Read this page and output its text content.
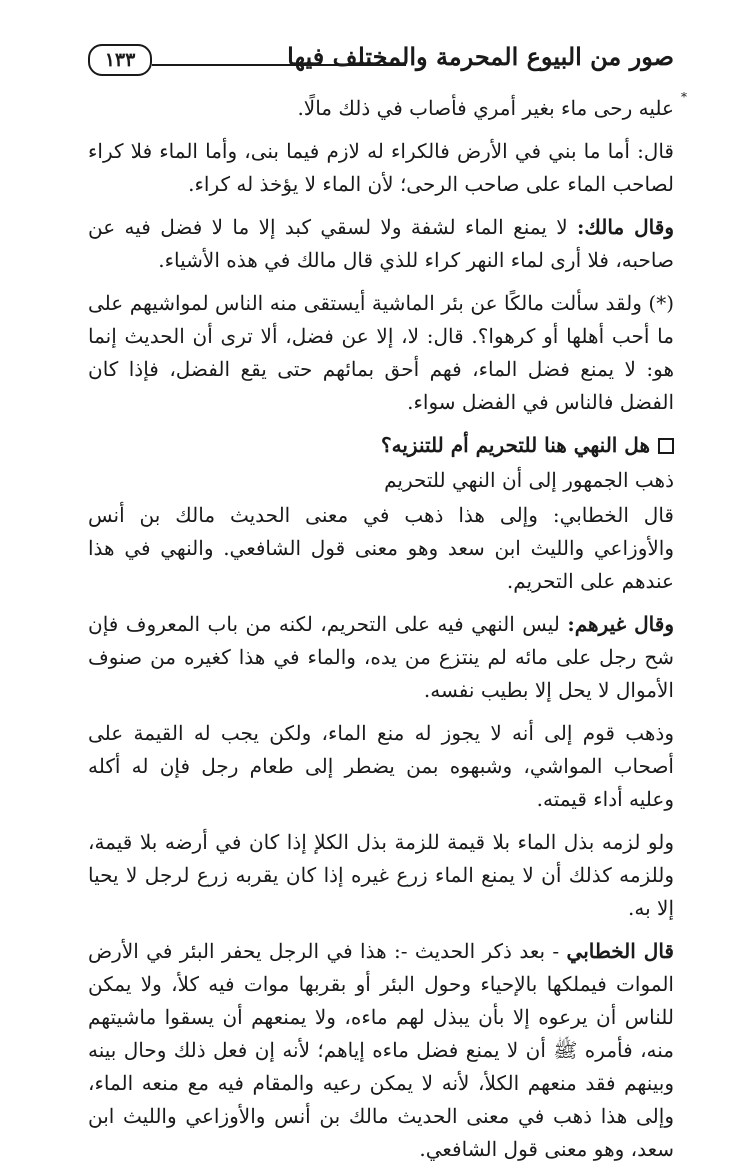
صور من البيوع المحرمة والمختلف فيها
١٣٣
*

عليه رحى ماء بغير أمري فأصاب في ذلك مالًا.

قال: أما ما بني في الأرض فالكراء له لازم فيما بنى، وأما الماء فلا كراء لصاحب الماء على صاحب الرحى؛ لأن الماء لا يؤخذ له كراء.

وقال مالك: لا يمنع الماء لشفة ولا لسقي كبد إلا ما لا فضل فيه عن صاحبه، فلا أرى لماء النهر كراء للذي قال مالك في هذه الأشياء.

(*) ولقد سألت مالكًا عن بئر الماشية أيستقى منه الناس لمواشيهم على ما أحب أهلها أو كرهوا؟. قال: لا، إلا عن فضل، ألا ترى أن الحديث إنما هو: لا يمنع فضل الماء، فهم أحق بمائهم حتى يقع الفضل، فإذا كان الفضل فالناس في الفضل سواء.

هل النهي هنا للتحريم أم للتنزيه؟

ذهب الجمهور إلى أن النهي للتحريم

قال الخطابي: وإلى هذا ذهب في معنى الحديث مالك بن أنس والأوزاعي والليث ابن سعد وهو معنى قول الشافعي. والنهي في هذا عندهم على التحريم.

وقال غيرهم: ليس النهي فيه على التحريم، لكنه من باب المعروف فإن شح رجل على مائه لم ينتزع من يده، والماء في هذا كغيره من صنوف الأموال لا يحل إلا بطيب نفسه.

وذهب قوم إلى أنه لا يجوز له منع الماء، ولكن يجب له القيمة على أصحاب المواشي، وشبهوه بمن يضطر إلى طعام رجل فإن له أكله وعليه أداء قيمته.

ولو لزمه بذل الماء بلا قيمة للزمة بذل الكلإ إذا كان في أرضه بلا قيمة، وللزمه كذلك أن لا يمنع الماء زرع غيره إذا كان يقربه زرع لرجل لا يحيا إلا به.

قال الخطابي - بعد ذكر الحديث -: هذا في الرجل يحفر البئر في الأرض الموات فيملكها بالإحياء وحول البئر أو بقربها موات فيه كلأ، ولا يمكن للناس أن يرعوه إلا بأن يبذل لهم ماءه، ولا يمنعهم أن يسقوا ماشيتهم منه، فأمره ﷺ أن لا يمنع فضل ماءه إياهم؛ لأنه إن فعل ذلك وحال بينه وبينهم فقد منعهم الكلأ، لأنه لا يمكن رعيه والمقام فيه مع منعه الماء، وإلى هذا ذهب في معنى الحديث مالك بن أنس والأوزاعي والليث ابن سعد، وهو معنى قول الشافعي.
